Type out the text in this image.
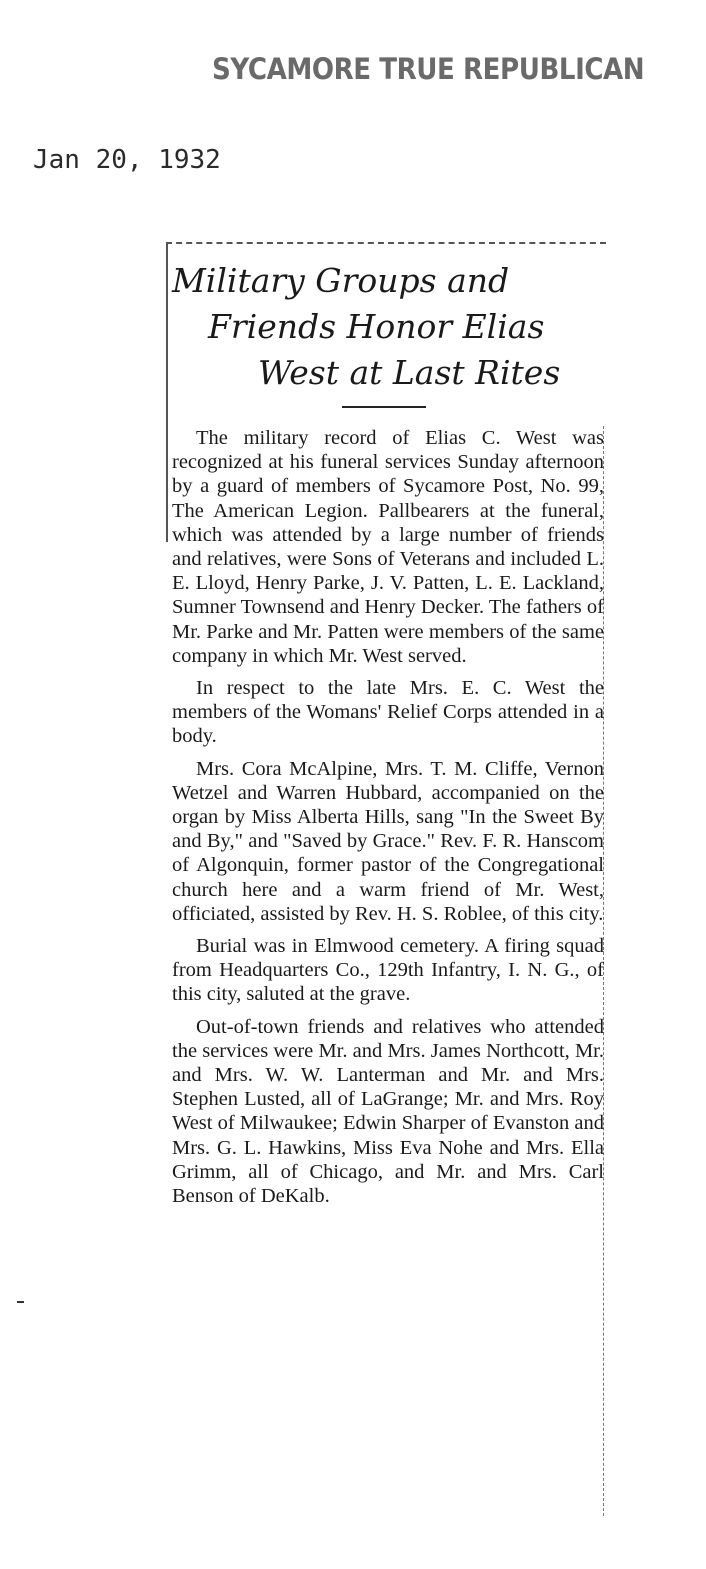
SYCAMORE TRUE REPUBLICAN
Jan 20, 1932
Military Groups and
Friends Honor Elias
West at Last Rites

The military record of Elias C. West was recognized at his funeral services Sunday afternoon by a guard of members of Sycamore Post, No. 99, The American Legion. Pallbearers at the funeral, which was attended by a large number of friends and relatives, were Sons of Veterans and included L. E. Lloyd, Henry Parke, J. V. Patten, L. E. Lackland, Sumner Townsend and Henry Decker. The fathers of Mr. Parke and Mr. Patten were members of the same company in which Mr. West served.

In respect to the late Mrs. E. C. West the members of the Womans' Relief Corps attended in a body.

Mrs. Cora McAlpine, Mrs. T. M. Cliffe, Vernon Wetzel and Warren Hubbard, accompanied on the organ by Miss Alberta Hills, sang "In the Sweet By and By," and "Saved by Grace." Rev. F. R. Hanscom of Algonquin, former pastor of the Congregational church here and a warm friend of Mr. West, officiated, assisted by Rev. H. S. Roblee, of this city.

Burial was in Elmwood cemetery. A firing squad from Headquarters Co., 129th Infantry, I. N. G., of this city, saluted at the grave.

Out-of-town friends and relatives who attended the services were Mr. and Mrs. James Northcott, Mr. and Mrs. W. W. Lanterman and Mr. and Mrs. Stephen Lusted, all of LaGrange; Mr. and Mrs. Roy West of Milwaukee; Edwin Sharper of Evanston and Mrs. G. L. Hawkins, Miss Eva Nohe and Mrs. Ella Grimm, all of Chicago, and Mr. and Mrs. Carl Benson of DeKalb.
